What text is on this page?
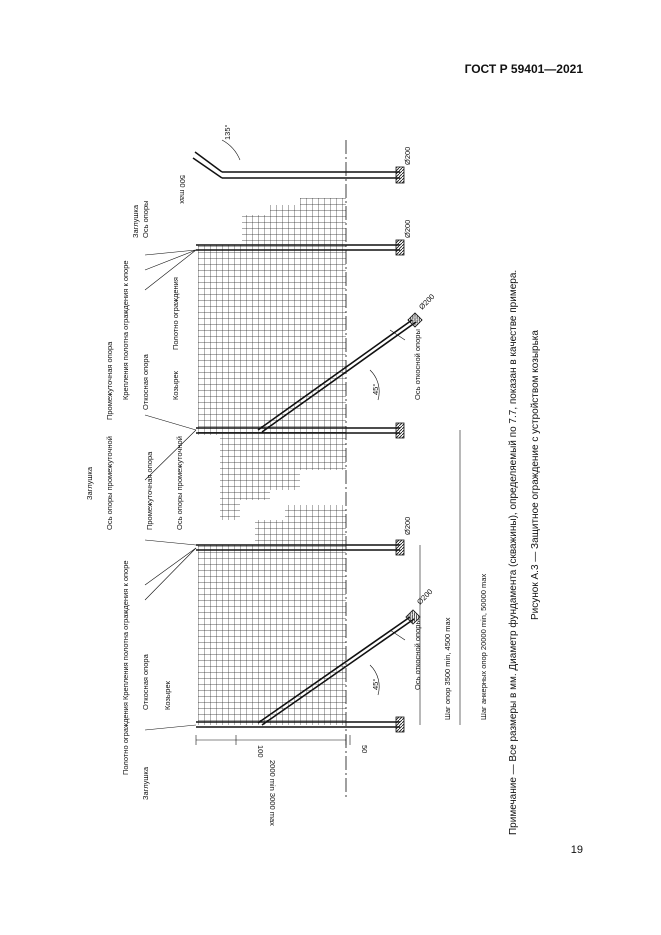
ГОСТ Р 59401—2021
Ось опоры
Заглушка
Крепления полотна ограждения к опоре	Полотно ограждения
Козырек
Откосная опора
Промежуточная опора
Заглушка Ось опоры промежуточной	Промежуточная опора	Ось опоры промежуточной
Крепления полотна ограждения к опоре Откосная опора Козырек
Полотно ограждения
Заглушка
Ось откосной опоры
Ось откосной опоры
135°
500 max
Ø200
Ø200
Ø200
Ø200
Ø200
45°
45°
100	50
2000 min 3000 max
Шаг опор 3500 min, 4500 max	Шаг анкерных опор 20000 min, 50000 max Примечание — Все размеры в мм. Диаметр фундамента (скважины), определяемый по 7.7, показан в качестве примера. Рисунок А.3 — Защитное ограждение с устройством козырька
19
